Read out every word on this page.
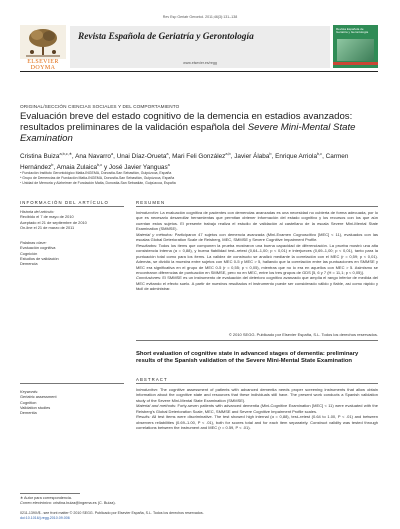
Rev Esp Geriatr Gerontol. 2011;46(3):131–138
ELSEVIER
DOYMA
Revista Española de Geriatría y Gerontología
www.elsevier.es/regg
Revista Española de Geriatría y Gerontología
ORIGINAL/SECCIÓN CIENCIAS SOCIALES Y DEL COMPORTAMIENTO
Evaluación breve del estado cognitivo de la demencia en estadios avanzados: resultados preliminares de la validación española del Severe Mini-Mental State Examination
Cristina Buiza$^{a,b,c,∗}$, Ana Navarro$^a$, Unai Díaz-Orueta$^a$, Mari Feli González$^{a,b}$, Javier Álaba$^b$, Enrique Arriola$^{b,c}$, Carmen Hernández$^b$, Amaia Zulaica$^{b,c}$ y José Javier Yanguas$^a$
ᵃ Fundación Instituto Gerontológico Matia-INGEMA, Donostia-San Sebastián, Guipúzcoa, España
ᵇ Grupo de Demencias de Fundación Matia-INGEMA, Donostia-San Sebastián, Guipúzcoa, España
ᶜ Unidad de Memoria y Alzheimer de Fundación Matia, Donostia-San Sebastián, Guipúzcoa, España
INFORMACIÓN DEL ARTÍCULO	RESUMEN
Historia del artículo:
Recibido el 7 de mayo de 2010
Aceptado el 21 de septiembre de 2010
On-line el 21 de marzo de 2011
Palabras clave:
Evaluación cognitiva
Cognición
Estudios de validación
Demencia

Introducción: La evaluación cognitiva de pacientes con demencias avanzadas es una necesidad no cubierta de forma adecuada, por lo que es necesario desarrollar herramientas que permitan obtener información del estado cognitivo y los recursos con los que aún cuentan estos sujetos. El presente trabajo realiza el estudio de validación al castellano de la escala Severe Mini-Mental State Examination (SMMSE).

Material y métodos: Participaron 47 sujetos con demencia avanzada (Mini-Examen Cognoscitivo [MEC] < 11), evaluados con las escalas Global Deterioration Scale de Reisberg, MEC, SMMSE y Severe Cognitive Impairment Profile.

Resultados: Todos los ítems que componen la prueba mostraron una buena capacidad de diferenciación. La prueba mostró una alta consistencia interna (α = 0,88), y buena fiabilidad test–retest (0,64–1,00; p < 0,01) e interjueces (0,69–1,00; p < 0,01), tanto para la puntuación total como para los ítems. La validez de constructo se analizó mediante la correlación con el MEC (r = 0,59; p < 0,01). Además, se dividió la muestra entre sujetos con MEC 0-5 y MEC > 5, hallando que la correlación entre las puntuaciones en SMMSE y MEC era significativa en el grupo de MEC 0-5 (r = 0,55; p < 0,05), mientras que no lo era en aquellos con MEC > 5. Asimismo se encontraron diferencias de puntuación en SMMSE, pero no en MEC, entre los tres grupos de GDS [5, 6 y 7 (H = 11,1; p < 0,05)].

Conclusiones: El SMMSE es un instrumento de evaluación del deterioro cognitivo avanzado que amplía el rango inferior de medida del MEC evitando el efecto suelo. A partir de nuestros resultados el instrumento puede ser considerado válido y fiable, así como rápido y fácil de administrar.

© 2010 SEGG. Publicado por Elsevier España, S.L. Todos los derechos reservados.
Short evaluation of cognitive state in advanced stages of dementia: preliminary results of the Spanish validation of the Severe Mini-Mental State Examination
ABSTRACT
Keywords:
Geriatric assessment
Cognition
Validation studies
Dementia

Introduction: The cognitive assessment of patients with advanced dementia needs proper screening instruments that allow obtain information about the cognitive state and resources that these individuals still have. The present work conducts a Spanish validation study of the Severe Mini-Mental State Examination (SMMSE).

Material and methods: Forty-seven patients with advanced dementia (Mini-Cognitive Examination [MEC] < 11) were evaluated with the Reisberg's Global Deterioration Scale, MEC, SMMSE and Severe Cognitive Impairment Profile scales.

Results: All test items were discriminative. The test showed high internal (α = 0,88), test–retest (0.64 to 1.00, P < .01) and between observers reliabilities (0.69–1.00, P < .01), both for scores total and for each item separately. Construct validity was tested through correlations between the instrument and MEC (r = 0.59, P < .01).

∗ Autor para correspondencia.
Correo electrónico: cristina.buiza@ingema.es (C. Buiza).
0211-139X/$ - see front matter © 2010 SEGG. Publicado por Elsevier España, S.L. Todos los derechos reservados.
doi:10.1016/j.regg.2010.09.006
